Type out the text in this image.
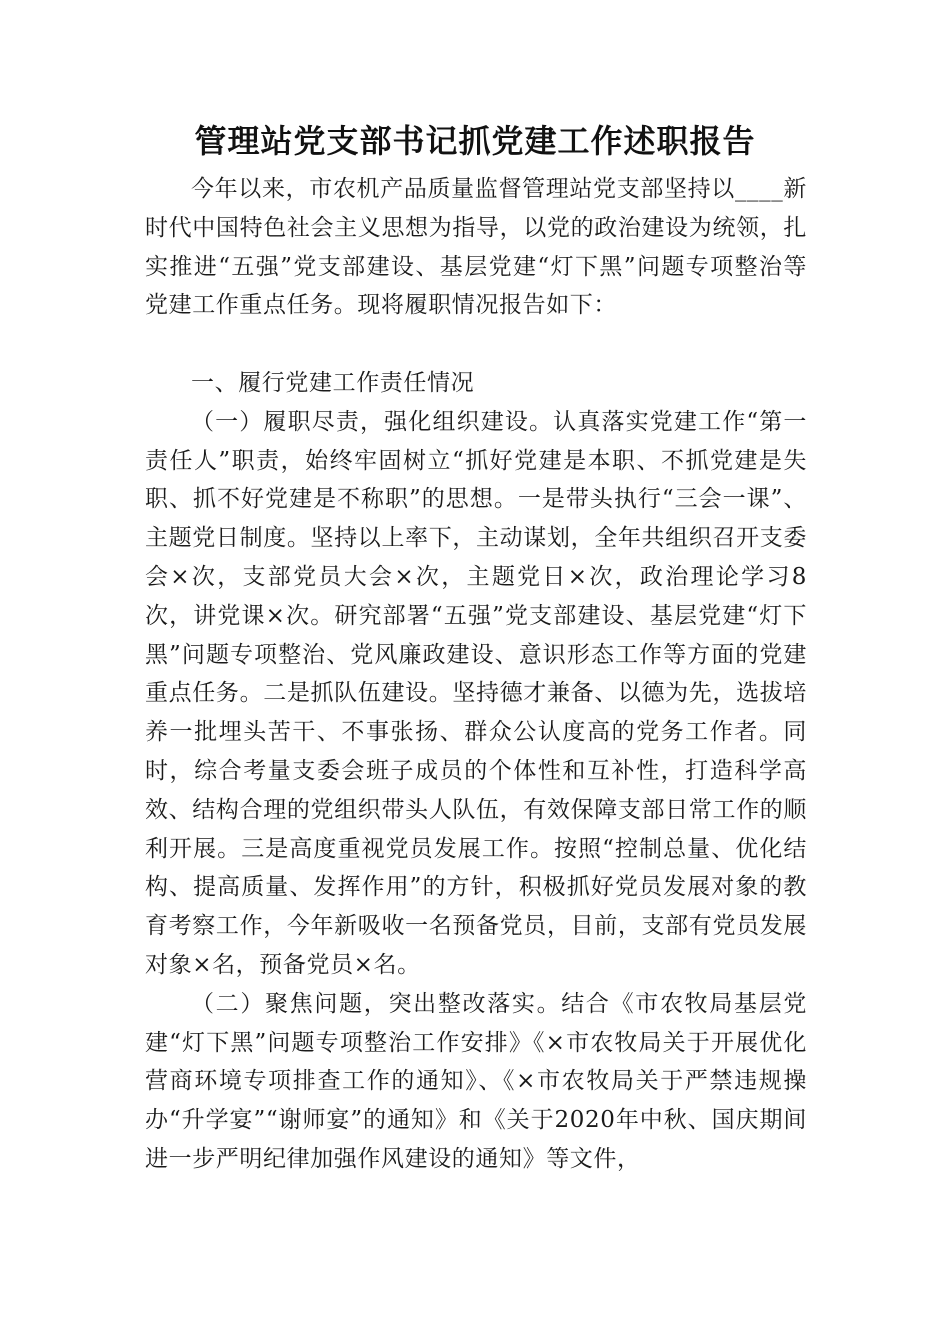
管理站党支部书记抓党建工作述职报告

今年以来，市农机产品质量监督管理站党支部坚持以____新时代中国特色社会主义思想为指导，以党的政治建设为统领，扎实推进“五强”党支部建设、基层党建“灯下黑”问题专项整治等党建工作重点任务。现将履职情况报告如下：

一、履行党建工作责任情况

（一）履职尽责，强化组织建设。认真落实党建工作“第一责任人”职责，始终牢固树立“抓好党建是本职、不抓党建是失职、抓不好党建是不称职”的思想。一是带头执行“三会一课”、主题党日制度。坚持以上率下，主动谋划，全年共组织召开支委会×次，支部党员大会×次，主题党日×次，政治理论学习8次，讲党课×次。研究部署“五强”党支部建设、基层党建“灯下黑”问题专项整治、党风廉政建设、意识形态工作等方面的党建重点任务。二是抓队伍建设。坚持德才兼备、以德为先，选拔培养一批埋头苦干、不事张扬、群众公认度高的党务工作者。同时，综合考量支委会班子成员的个体性和互补性，打造科学高效、结构合理的党组织带头人队伍，有效保障支部日常工作的顺利开展。三是高度重视党员发展工作。按照“控制总量、优化结构、提高质量、发挥作用”的方针，积极抓好党员发展对象的教育考察工作，今年新吸收一名预备党员，目前，支部有党员发展对象×名，预备党员×名。

（二）聚焦问题，突出整改落实。结合《市农牧局基层党建“灯下黑”问题专项整治工作安排》《×市农牧局关于开展优化营商环境专项排查工作的通知》、《×市农牧局关于严禁违规操办“升学宴”“谢师宴”的通知》和《关于2020年中秋、国庆期间进一步严明纪律加强作风建设的通知》等文件，
